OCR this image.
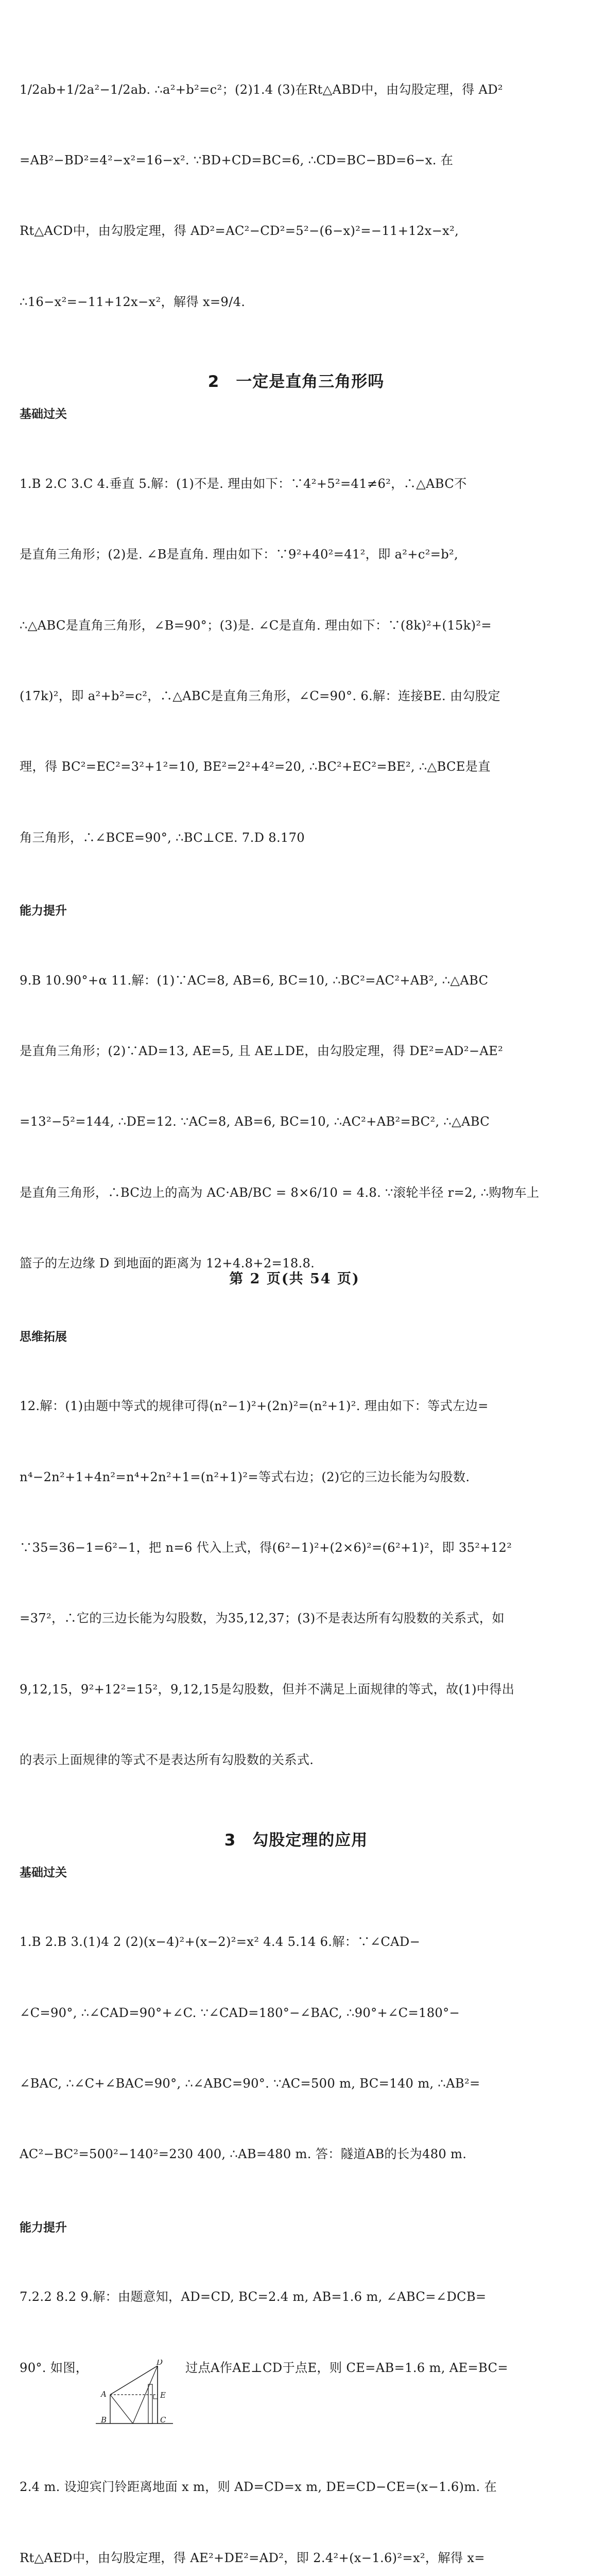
1/2ab+1/2a²−1/2ab. ∴a²+b²=c²；(2)1.4 (3)在Rt△ABD中，由勾股定理，得 AD²

=AB²−BD²=4²−x²=16−x². ∵BD+CD=BC=6, ∴CD=BC−BD=6−x. 在

Rt△ACD中，由勾股定理，得 AD²=AC²−CD²=5²−(6−x)²=−11+12x−x²,

∴16−x²=−11+12x−x²，解得 x=9/4.

2　一定是直角三角形吗
基础过关

1.B 2.C 3.C 4.垂直 5.解：(1)不是. 理由如下：∵4²+5²=41≠6²，∴△ABC不

是直角三角形；(2)是. ∠B是直角. 理由如下：∵9²+40²=41²，即 a²+c²=b²,

∴△ABC是直角三角形，∠B=90°；(3)是. ∠C是直角. 理由如下：∵(8k)²+(15k)²=

(17k)²，即 a²+b²=c²，∴△ABC是直角三角形，∠C=90°. 6.解：连接BE. 由勾股定

理，得 BC²=EC²=3²+1²=10, BE²=2²+4²=20, ∴BC²+EC²=BE², ∴△BCE是直

角三角形，∴∠BCE=90°, ∴BC⊥CE. 7.D 8.170

能力提升

9.B 10.90°+α 11.解：(1)∵AC=8, AB=6, BC=10, ∴BC²=AC²+AB², ∴△ABC

是直角三角形；(2)∵AD=13, AE=5, 且 AE⊥DE，由勾股定理，得 DE²=AD²−AE²

=13²−5²=144, ∴DE=12. ∵AC=8, AB=6, BC=10, ∴AC²+AB²=BC², ∴△ABC

是直角三角形，∴BC边上的高为 AC·AB/BC = 8×6/10 = 4.8. ∵滚轮半径 r=2, ∴购物车上

篮子的左边缘 D 到地面的距离为 12+4.8+2=18.8.

思维拓展

12.解：(1)由题中等式的规律可得(n²−1)²+(2n)²=(n²+1)². 理由如下：等式左边=

n⁴−2n²+1+4n²=n⁴+2n²+1=(n²+1)²=等式右边；(2)它的三边长能为勾股数.

∵35=36−1=6²−1，把 n=6 代入上式，得(6²−1)²+(2×6)²=(6²+1)²，即 35²+12²

=37²，∴它的三边长能为勾股数，为35,12,37；(3)不是表达所有勾股数的关系式，如

9,12,15，9²+12²=15²，9,12,15是勾股数，但并不满足上面规律的等式，故(1)中得出

的表示上面规律的等式不是表达所有勾股数的关系式.

3　勾股定理的应用
基础过关

1.B 2.B 3.(1)4 2 (2)(x−4)²+(x−2)²=x² 4.4 5.14 6.解：∵∠CAD−

∠C=90°, ∴∠CAD=90°+∠C. ∵∠CAD=180°−∠BAC, ∴90°+∠C=180°−

∠BAC, ∴∠C+∠BAC=90°, ∴∠ABC=90°. ∵AC=500 m, BC=140 m, ∴AB²=

AC²−BC²=500²−140²=230 400, ∴AB=480 m. 答：隧道AB的长为480 m.

能力提升

7.2.2 8.2 9.解：由题意知，AD=CD, BC=2.4 m, AB=1.6 m, ∠ABC=∠DCB=

90°. 如图，	D
A	E
B	C
过点A作AE⊥CD于点E，则 CE=AB=1.6 m, AE=BC=

2.4 m. 设迎宾门铃距离地面 x m，则 AD=CD=x m, DE=CD−CE=(x−1.6)m. 在

Rt△AED中，由勾股定理，得 AE²+DE²=AD²，即 2.4²+(x−1.6)²=x²，解得 x=

第 2 页(共 54 页)
